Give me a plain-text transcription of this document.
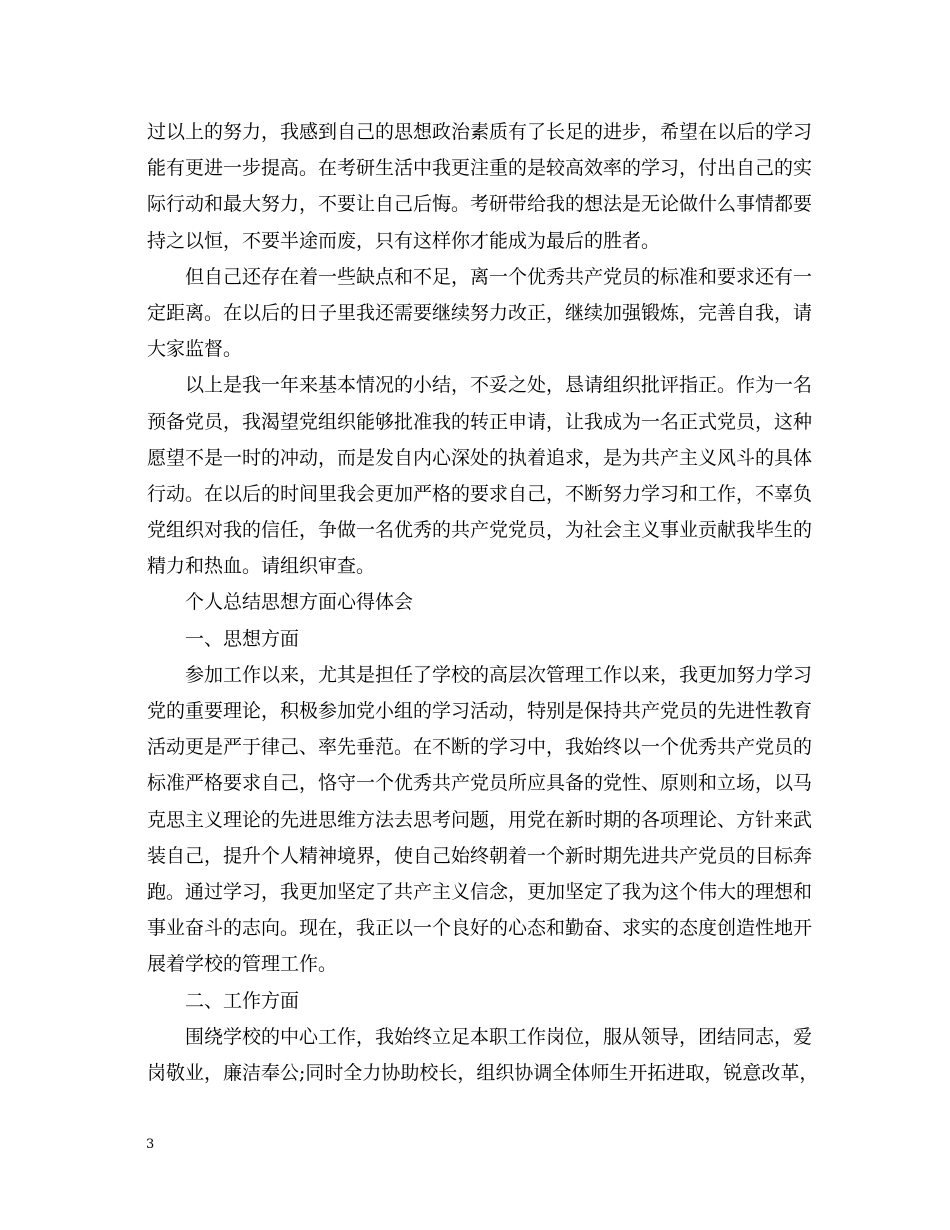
过以上的努力，我感到自己的思想政治素质有了长足的进步，希望在以后的学习
能有更进一步提高。在考研生活中我更注重的是较高效率的学习，付出自己的实
际行动和最大努力，不要让自己后悔。考研带给我的想法是无论做什么事情都要
持之以恒，不要半途而废，只有这样你才能成为最后的胜者。
但自己还存在着一些缺点和不足，离一个优秀共产党员的标准和要求还有一
定距离。在以后的日子里我还需要继续努力改正，继续加强锻炼，完善自我，请
大家监督。
以上是我一年来基本情况的小结，不妥之处，恳请组织批评指正。作为一名
预备党员，我渴望党组织能够批准我的转正申请，让我成为一名正式党员，这种
愿望不是一时的冲动，而是发自内心深处的执着追求，是为共产主义风斗的具体
行动。在以后的时间里我会更加严格的要求自己，不断努力学习和工作，不辜负
党组织对我的信任，争做一名优秀的共产党党员，为社会主义事业贡献我毕生的
精力和热血。请组织审查。
个人总结思想方面心得体会
一、思想方面
参加工作以来，尤其是担任了学校的高层次管理工作以来，我更加努力学习
党的重要理论，积极参加党小组的学习活动，特别是保持共产党员的先进性教育
活动更是严于律己、率先垂范。在不断的学习中，我始终以一个优秀共产党员的
标准严格要求自己，恪守一个优秀共产党员所应具备的党性、原则和立场，以马
克思主义理论的先进思维方法去思考问题，用党在新时期的各项理论、方针来武
装自己，提升个人精神境界，使自己始终朝着一个新时期先进共产党员的目标奔
跑。通过学习，我更加坚定了共产主义信念，更加坚定了我为这个伟大的理想和
事业奋斗的志向。现在，我正以一个良好的心态和勤奋、求实的态度创造性地开
展着学校的管理工作。
二、工作方面
围绕学校的中心工作，我始终立足本职工作岗位，服从领导，团结同志，爱
岗敬业，廉洁奉公;同时全力协助校长，组织协调全体师生开拓进取，锐意改革，
3
